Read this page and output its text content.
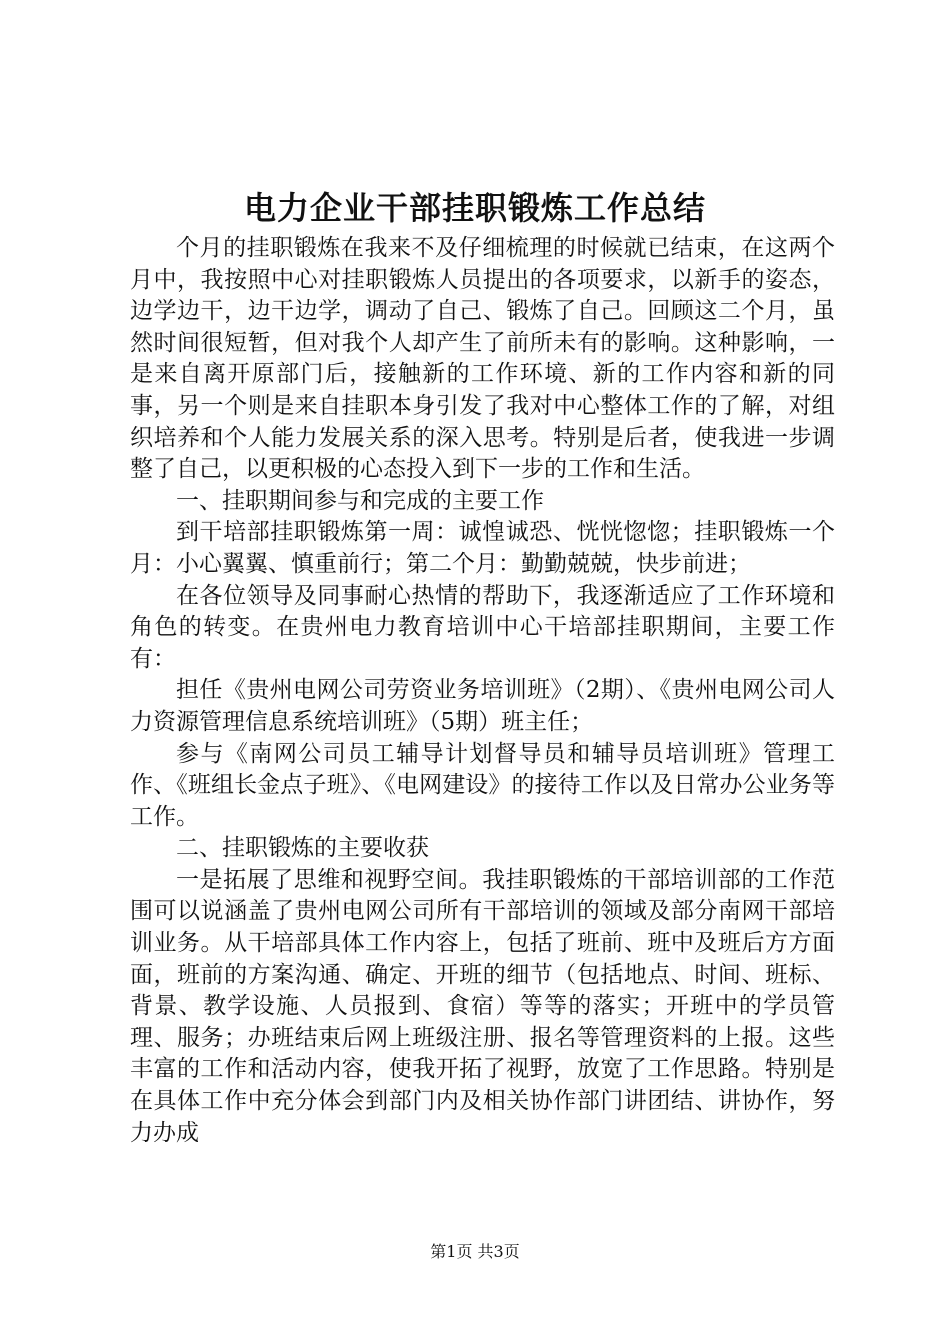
电力企业干部挂职锻炼工作总结

个月的挂职锻炼在我来不及仔细梳理的时候就已结束，在这两个月中，我按照中心对挂职锻炼人员提出的各项要求，以新手的姿态，边学边干，边干边学，调动了自己、锻炼了自己。回顾这二个月，虽然时间很短暂，但对我个人却产生了前所未有的影响。这种影响，一是来自离开原部门后，接触新的工作环境、新的工作内容和新的同事，另一个则是来自挂职本身引发了我对中心整体工作的了解，对组织培养和个人能力发展关系的深入思考。特别是后者，使我进一步调整了自己，以更积极的心态投入到下一步的工作和生活。

一、挂职期间参与和完成的主要工作

到干培部挂职锻炼第一周：诚惶诚恐、恍恍惚惚；挂职锻炼一个月：小心翼翼、慎重前行；第二个月：勤勤兢兢，快步前进；

在各位领导及同事耐心热情的帮助下，我逐渐适应了工作环境和角色的转变。在贵州电力教育培训中心干培部挂职期间，主要工作有：

担任《贵州电网公司劳资业务培训班》（2期）、《贵州电网公司人力资源管理信息系统培训班》（5期）班主任；

参与《南网公司员工辅导计划督导员和辅导员培训班》管理工作、《班组长金点子班》、《电网建设》的接待工作以及日常办公业务等工作。

二、挂职锻炼的主要收获

一是拓展了思维和视野空间。我挂职锻炼的干部培训部的工作范围可以说涵盖了贵州电网公司所有干部培训的领域及部分南网干部培训业务。从干培部具体工作内容上，包括了班前、班中及班后方方面面，班前的方案沟通、确定、开班的细节（包括地点、时间、班标、背景、教学设施、人员报到、食宿）等等的落实；开班中的学员管理、服务；办班结束后网上班级注册、报名等管理资料的上报。这些丰富的工作和活动内容，使我开拓了视野，放宽了工作思路。特别是在具体工作中充分体会到部门内及相关协作部门讲团结、讲协作，努力办成

第1页 共3页
